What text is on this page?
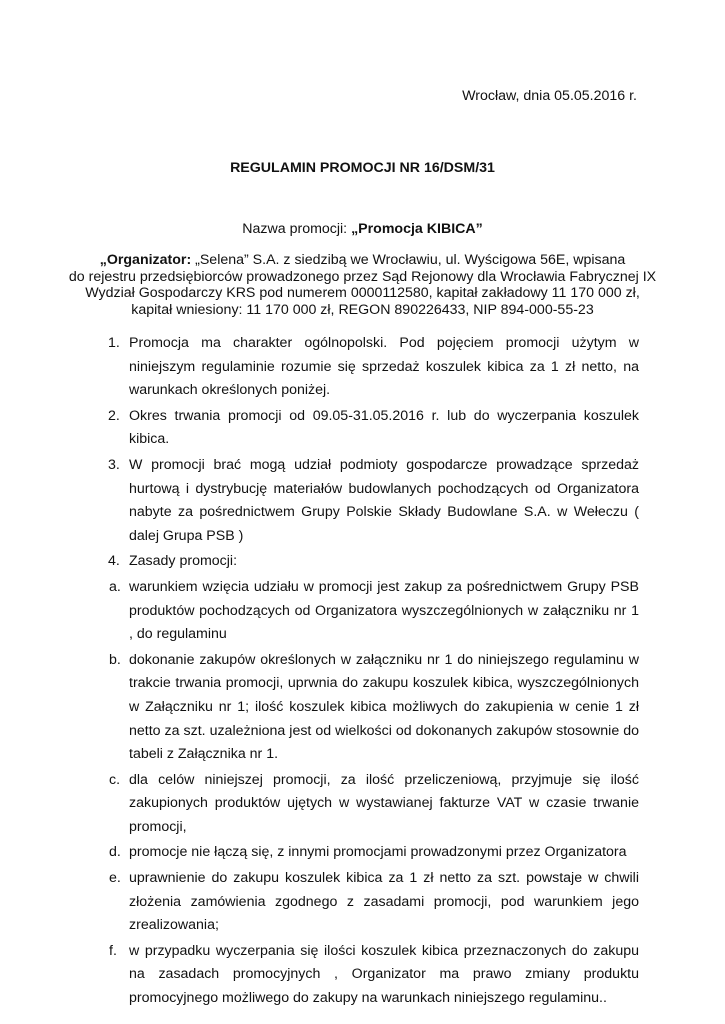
Wrocław, dnia 05.05.2016 r.
REGULAMIN PROMOCJI NR 16/DSM/31
Nazwa promocji: „Promocja KIBICA”
„Organizator: „Selena” S.A. z siedzibą we Wrocławiu, ul. Wyścigowa 56E, wpisana
do rejestru przedsiębiorców prowadzonego przez Sąd Rejonowy dla Wrocławia Fabrycznej IX
Wydział Gospodarczy KRS pod numerem 0000112580, kapitał zakładowy 11 170 000 zł,
kapitał wniesiony: 11 170 000 zł, REGON 890226433, NIP 894-000-55-23
1. Promocja ma charakter ogólnopolski. Pod pojęciem promocji użytym w niniejszym regulaminie rozumie się sprzedaż koszulek kibica za 1 zł netto, na warunkach określonych poniżej.
2. Okres trwania promocji od 09.05-31.05.2016 r. lub do wyczerpania koszulek kibica.
3. W promocji brać mogą udział podmioty gospodarcze prowadzące sprzedaż hurtową i dystrybucję materiałów budowlanych pochodzących od Organizatora nabyte za pośrednictwem Grupy Polskie Składy Budowlane S.A. w Wełeczu ( dalej Grupa PSB )
4. Zasady promocji:
a. warunkiem wzięcia udziału w promocji jest zakup za pośrednictwem Grupy PSB produktów pochodzących od Organizatora wyszczególnionych w załączniku nr 1 , do regulaminu
b. dokonanie zakupów określonych w załączniku nr 1 do niniejszego regulaminu w trakcie trwania promocji, uprwnia do zakupu koszulek kibica, wyszczególnionych w Załączniku nr 1; ilość koszulek kibica możliwych do zakupienia w cenie 1 zł netto za szt. uzależniona jest od wielkości od dokonanych zakupów stosownie do tabeli z Załącznika nr 1.
c. dla celów niniejszej promocji, za ilość przeliczeniową, przyjmuje się ilość zakupionych produktów ujętych w wystawianej fakturze VAT w czasie trwanie promocji,
d. promocje nie łączą się, z innymi promocjami prowadzonymi przez Organizatora
e. uprawnienie do zakupu koszulek kibica za 1 zł netto za szt. powstaje w chwili złożenia zamówienia zgodnego z zasadami promocji, pod warunkiem jego zrealizowania;
f. w przypadku wyczerpania się ilości koszulek kibica przeznaczonych do zakupu na zasadach promocyjnych , Organizator ma prawo zmiany produktu promocyjnego możliwego do zakupy na warunkach niniejszego regulaminu..
